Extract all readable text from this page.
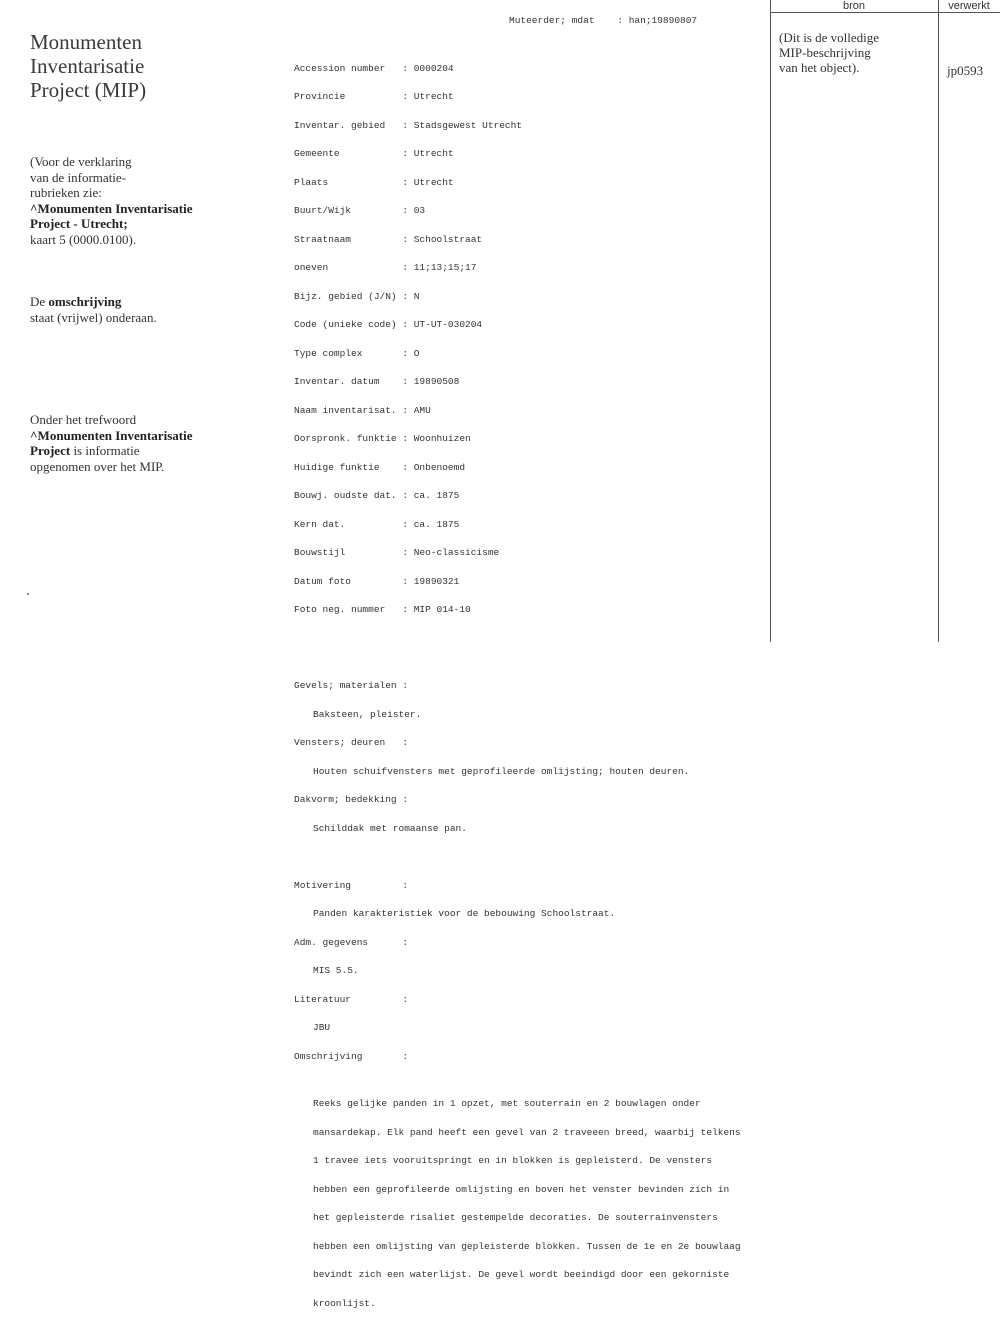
Monumenten
Inventarisatie
Project (MIP)
(Voor de verklaring
van de informatie-
rubrieken zie:
^Monumenten Inventarisatie
Project - Utrecht;
kaart 5 (0000.0100).
De omschrijving
staat (vrijwel) onderaan.
Onder het trefwoord
^Monumenten Inventarisatie
Project is informatie
opgenomen over het MIP.

Muteerder; mdat    : han;19890807

Accession number   : 0000204

Provincie          : Utrecht

Inventar. gebied   : Stadsgewest Utrecht

Gemeente           : Utrecht

Plaats             : Utrecht

Buurt/Wijk         : 03

Straatnaam         : Schoolstraat

oneven             : 11;13;15;17

Bijz. gebied (J/N) : N

Code (unieke code) : UT-UT-030204

Type complex       : O

Inventar. datum    : 19890508

Naam inventarisat. : AMU

Oorspronk. funktie : Woonhuizen

Huidige funktie    : Onbenoemd

Bouwj. oudste dat. : ca. 1875

Kern dat.          : ca. 1875

Bouwstijl          : Neo-classicisme

Datum foto         : 19890321

Foto neg. nummer   : MIP 014-10

Gevels; materialen :

Baksteen, pleister.

Vensters; deuren   :

Houten schuifvensters met geprofileerde omlijsting; houten deuren.

Dakvorm; bedekking :

Schilddak met romaanse pan.

Motivering         :

Panden karakteristiek voor de bebouwing Schoolstraat.

Adm. gegevens      :

MIS 5.5.

Literatuur         :

JBU

Omschrijving       :

Reeks gelijke panden in 1 opzet, met souterrain en 2 bouwlagen onder

mansardekap. Elk pand heeft een gevel van 2 traveeen breed, waarbij telkens

1 travee iets vooruitspringt en in blokken is gepleisterd. De vensters

hebben een geprofileerde omlijsting en boven het venster bevinden zich in

het gepleisterde risaliet gestempelde decoraties. De souterrainvensters

hebben een omlijsting van gepleisterde blokken. Tussen de 1e en 2e bouwlaag

bevindt zich een waterlijst. De gevel wordt beeindigd door een gekorniste

kroonlijst.

bron	verwerkt
(Dit is de volledige
MIP-beschrijving
van het object).	jp0593
